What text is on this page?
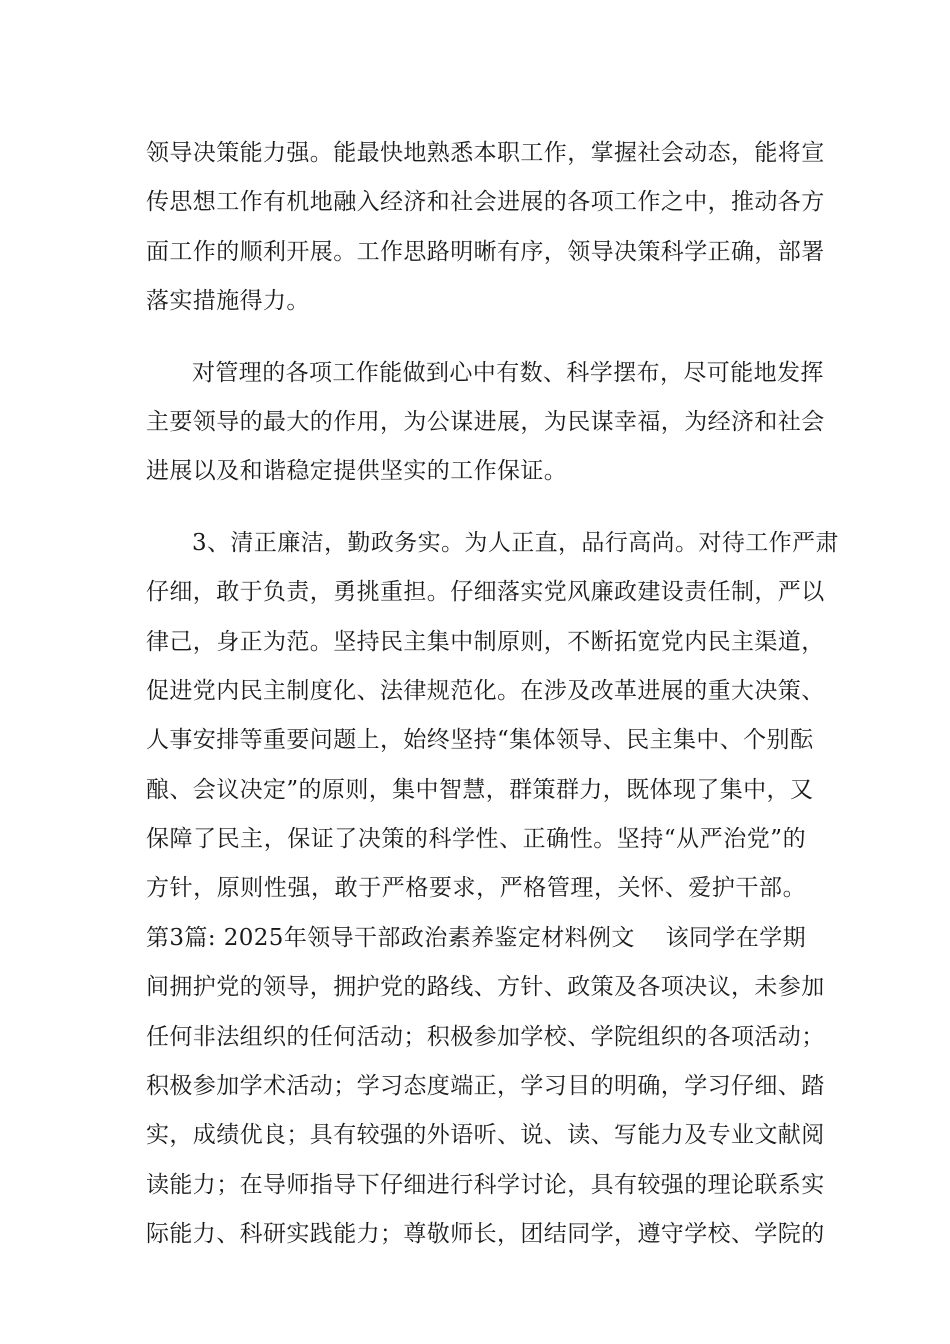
领导决策能力强。能最快地熟悉本职工作，掌握社会动态，能将宣
传思想工作有机地融入经济和社会进展的各项工作之中，推动各方
面工作的顺利开展。工作思路明晰有序，领导决策科学正确，部署
落实措施得力。
对管理的各项工作能做到心中有数、科学摆布，尽可能地发挥
主要领导的最大的作用，为公谋进展，为民谋幸福，为经济和社会
进展以及和谐稳定提供坚实的工作保证。
3、清正廉洁，勤政务实。为人正直，品行高尚。对待工作严肃
仔细，敢于负责，勇挑重担。仔细落实党风廉政建设责任制，严以
律己，身正为范。坚持民主集中制原则，不断拓宽党内民主渠道，
促进党内民主制度化、法律规范化。在涉及改革进展的重大决策、
人事安排等重要问题上，始终坚持“集体领导、民主集中、个别酝
酿、会议决定”的原则，集中智慧，群策群力，既体现了集中，又
保障了民主，保证了决策的科学性、正确性。坚持“从严治党”的
方针，原则性强，敢于严格要求，严格管理，关怀、爱护干部。
第3篇: 2025年领导干部政治素养鉴定材料例文 该同学在学期
间拥护党的领导，拥护党的路线、方针、政策及各项决议，未参加
任何非法组织的任何活动；积极参加学校、学院组织的各项活动；
积极参加学术活动；学习态度端正，学习目的明确，学习仔细、踏
实，成绩优良；具有较强的外语听、说、读、写能力及专业文献阅
读能力；在导师指导下仔细进行科学讨论，具有较强的理论联系实
际能力、科研实践能力；尊敬师长，团结同学，遵守学校、学院的
